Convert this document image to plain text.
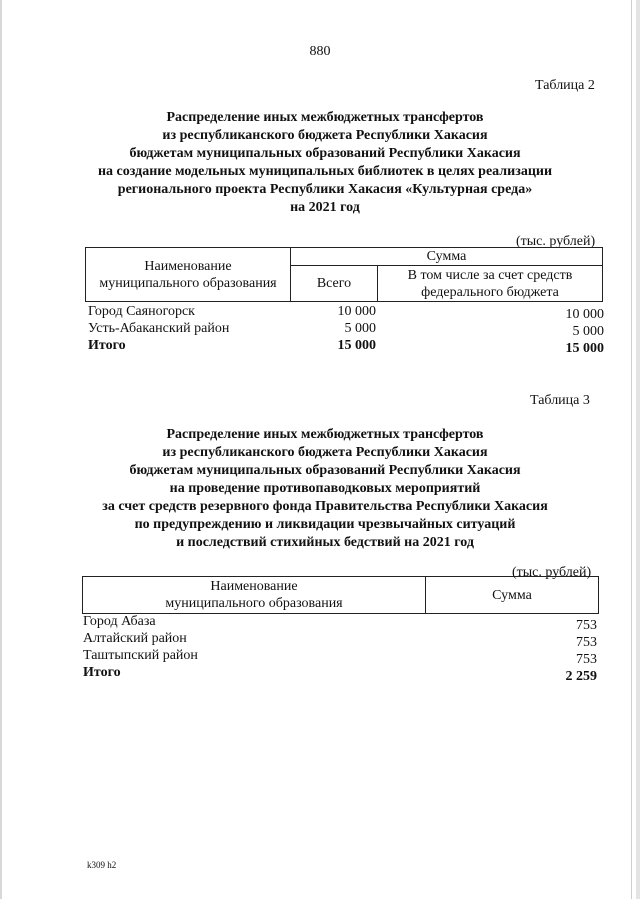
880
Таблица 2
Распределение иных межбюджетных трансфертов
из республиканского бюджета Республики Хакасия
бюджетам муниципальных образований Республики Хакасия
на создание модельных муниципальных библиотек в целях реализации
регионального проекта Республики Хакасия «Культурная среда»
на 2021 год
(тыс. рублей)
Наименование
муниципального образования	Сумма	
	Всего	В том числе за счет средств
федерального бюджета
Город Саяногорск	10 000	10 000
Усть-Абаканский район	5 000	5 000
Итого	15 000	15 000
Таблица 3
Распределение иных межбюджетных трансфертов
из республиканского бюджета Республики Хакасия
бюджетам муниципальных образований Республики Хакасия
на проведение противопаводковых мероприятий
за счет средств резервного фонда Правительства Республики Хакасия
по предупреждению и ликвидации чрезвычайных ситуаций
и последствий стихийных бедствий на 2021 год
(тыс. рублей)
Наименование
муниципального образования
	Сумма
Город Абаза	753
Алтайский район	753
Таштыпский район	753
Итого	2 259
k309 h2
